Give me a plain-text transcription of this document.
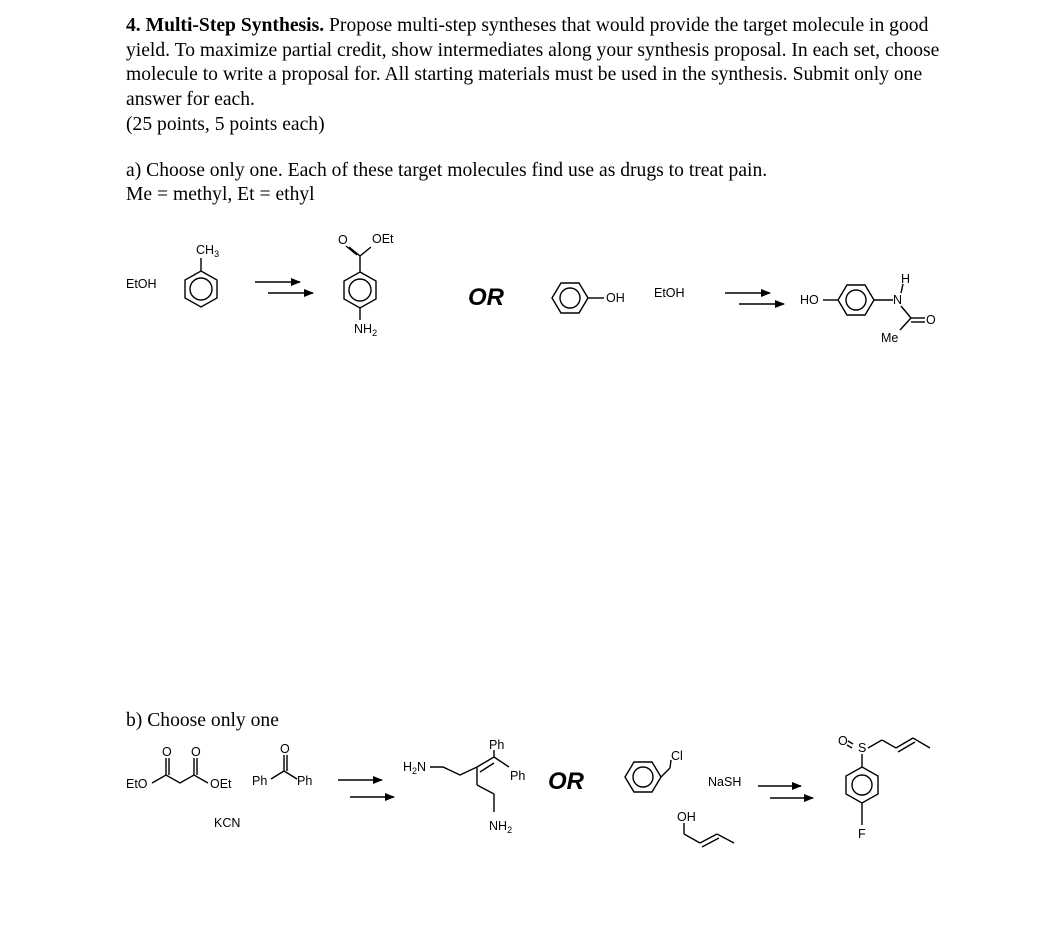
4. Multi-Step Synthesis. Propose multi-step syntheses that would provide the target molecule in good yield. To maximize partial credit, show intermediates along your synthesis proposal. In each set, choose molecule to write a proposal for. All starting materials must be used in the synthesis. Submit only one answer for each.
(25 points, 5 points each)
a) Choose only one. Each of these target molecules find use as drugs to treat pain.
Me = methyl, Et = ethyl
b) Choose only one
EtOH
$CH_3$
O OEt
$NH_2$
OR	OH EtOH	HO	N
H
Me
O
EtO	OEt
O O
Ph Ph
O
KCN
$H_2N$
Ph
Ph
$NH_2$
OR
Cl
NaSH
OH
O S
F
